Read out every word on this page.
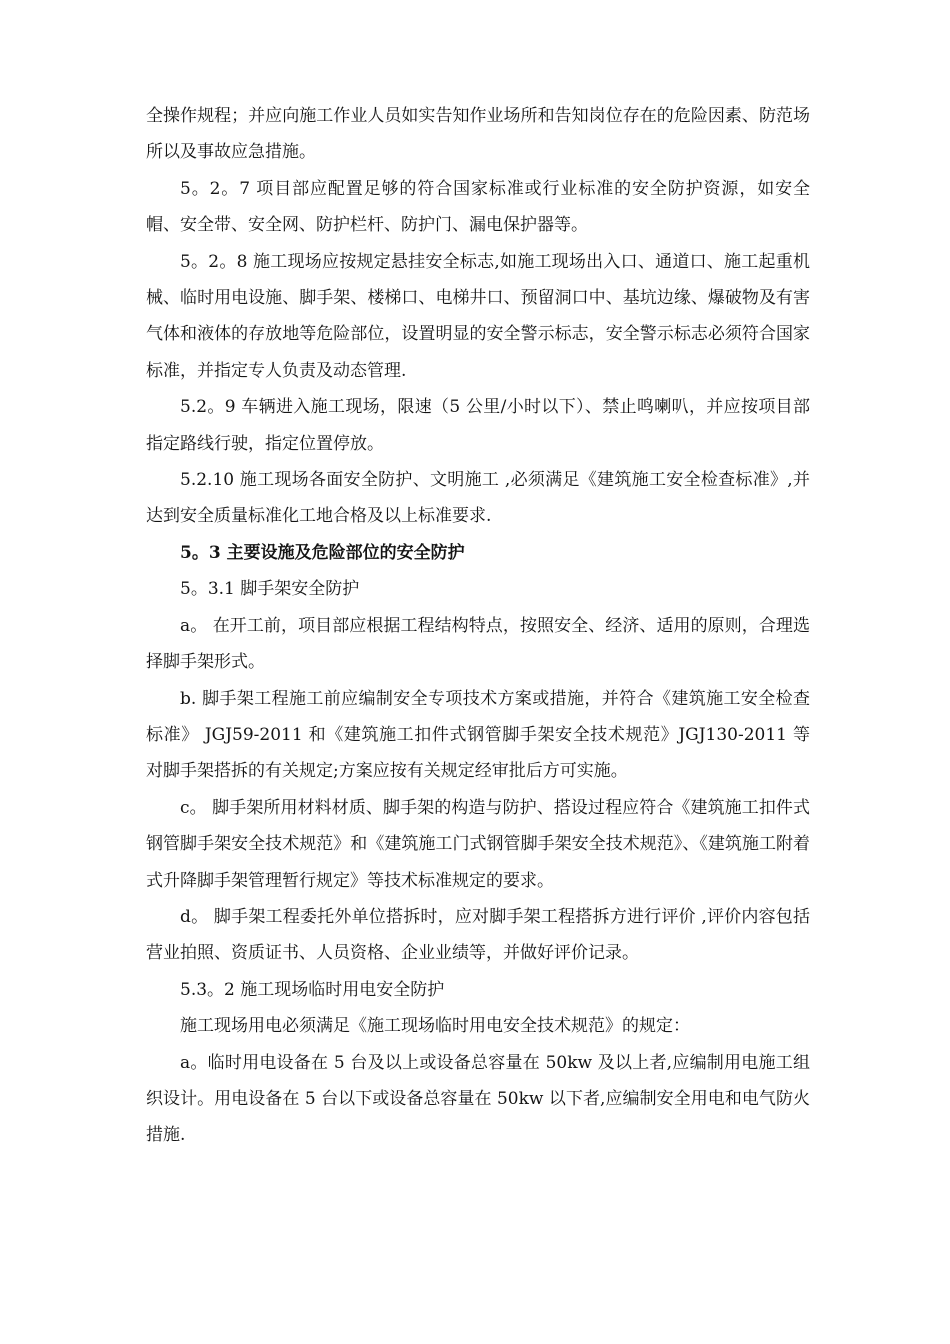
全操作规程；并应向施工作业人员如实告知作业场所和告知岗位存在的危险因素、防范场所以及事故应急措施。

5。2。7 项目部应配置足够的符合国家标准或行业标准的安全防护资源，如安全帽、安全带、安全网、防护栏杆、防护门、漏电保护器等。

5。2。8 施工现场应按规定悬挂安全标志,如施工现场出入口、通道口、施工起重机械、临时用电设施、脚手架、楼梯口、电梯井口、预留洞口中、基坑边缘、爆破物及有害气体和液体的存放地等危险部位，设置明显的安全警示标志，安全警示标志必须符合国家标准，并指定专人负责及动态管理.

5.2。9 车辆进入施工现场，限速（5 公里/小时以下）、禁止鸣喇叭，并应按项目部指定路线行驶，指定位置停放。

5.2.10 施工现场各面安全防护、文明施工 ,必须满足《建筑施工安全检查标准》,并达到安全质量标准化工地合格及以上标准要求.

5。3 主要设施及危险部位的安全防护

5。3.1 脚手架安全防护

a。 在开工前，项目部应根据工程结构特点，按照安全、经济、适用的原则，合理选择脚手架形式。

b. 脚手架工程施工前应编制安全专项技术方案或措施，并符合《建筑施工安全检查标准》 JGJ59-2011 和《建筑施工扣件式钢管脚手架安全技术规范》JGJ130-2011 等对脚手架搭拆的有关规定;方案应按有关规定经审批后方可实施。

c。 脚手架所用材料材质、脚手架的构造与防护、搭设过程应符合《建筑施工扣件式钢管脚手架安全技术规范》和《建筑施工门式钢管脚手架安全技术规范》、《建筑施工附着式升降脚手架管理暂行规定》等技术标准规定的要求。

d。 脚手架工程委托外单位搭拆时，应对脚手架工程搭拆方进行评价 ,评价内容包括营业拍照、资质证书、人员资格、企业业绩等，并做好评价记录。

5.3。2 施工现场临时用电安全防护

施工现场用电必须满足《施工现场临时用电安全技术规范》的规定：

a。临时用电设备在 5 台及以上或设备总容量在 50kw 及以上者,应编制用电施工组织设计。用电设备在 5 台以下或设备总容量在 50kw 以下者,应编制安全用电和电气防火措施.
